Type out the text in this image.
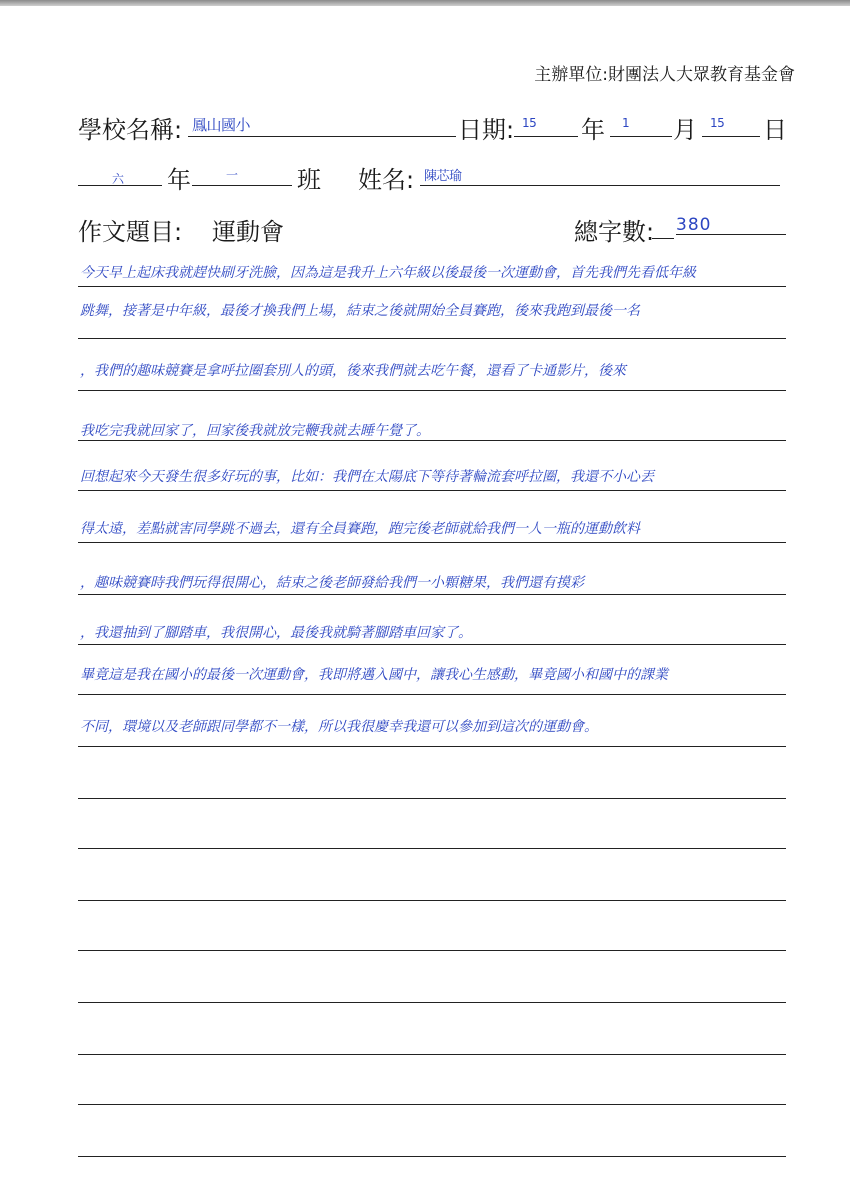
主辦單位:財團法人大眾教育基金會
學校名稱: 鳳山國小	日期: 15 年 1 月 15 日
六 年	一 班 姓名: 陳芯瑜
作文題目: 運動會	總字數: 380
今天早上起床我就趕快刷牙洗臉，因為這是我升上六年級以後最後一次運動會，首先我們先看低年級
跳舞，接著是中年級，最後才換我們上場，結束之後就開始全員賽跑，後來我跑到最後一名
，我們的趣味競賽是拿呼拉圈套別人的頭，後來我們就去吃午餐，還看了卡通影片，後來
我吃完我就回家了，回家後我就放完鞭我就去睡午覺了。
回想起來今天發生很多好玩的事，比如：我們在太陽底下等待著輪流套呼拉圈，我還不小心丟
得太遠，差點就害同學跳不過去，還有全員賽跑，跑完後老師就給我們一人一瓶的運動飲料
，趣味競賽時我們玩得很開心，結束之後老師發給我們一小顆糖果，我們還有摸彩
，我還抽到了腳踏車，我很開心，最後我就騎著腳踏車回家了。
畢竟這是我在國小的最後一次運動會，我即將邁入國中，讓我心生感動，畢竟國小和國中的課業
不同，環境以及老師跟同學都不一樣，所以我很慶幸我還可以參加到這次的運動會。
